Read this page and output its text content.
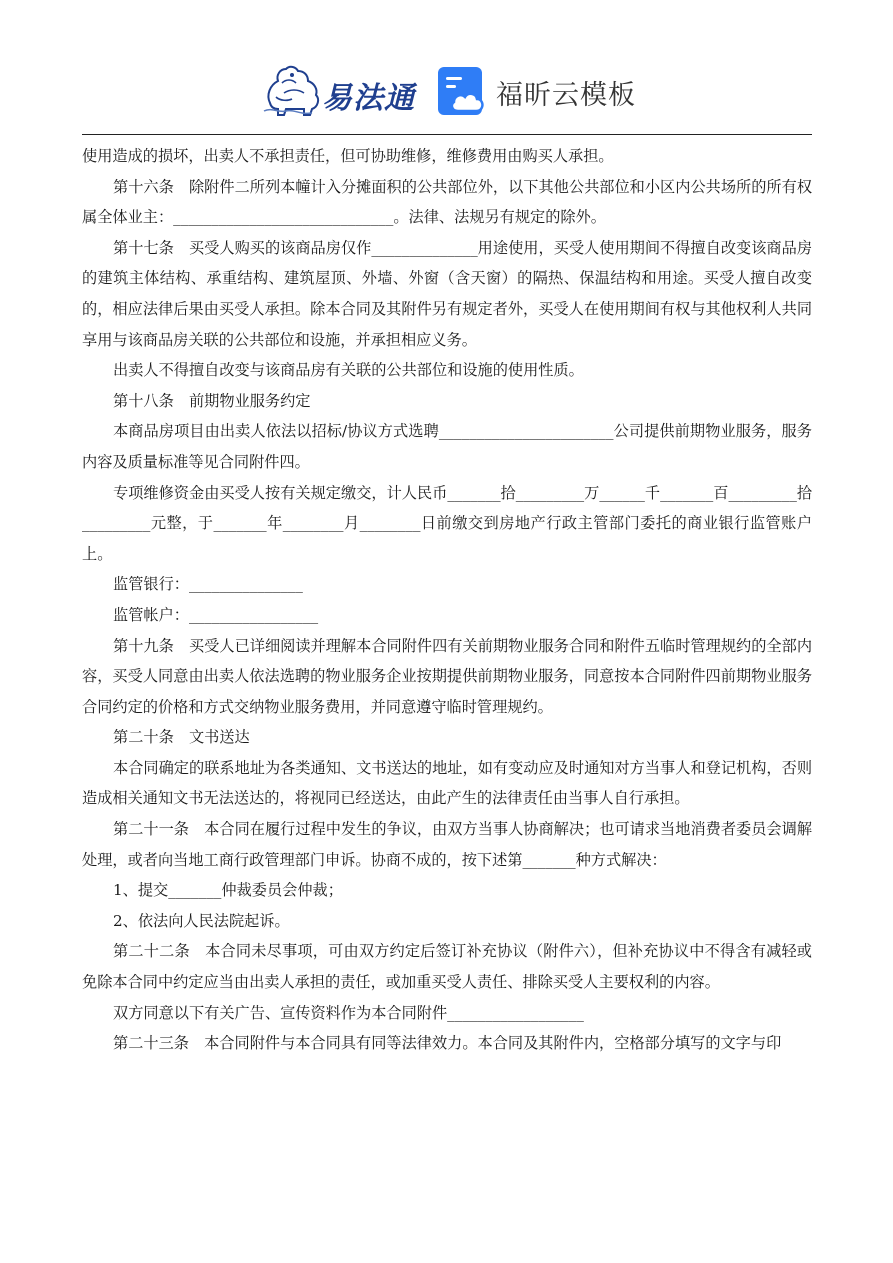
易法通	福昕云模板

使用造成的损坏，出卖人不承担责任，但可协助维修，维修费用由购买人承担。

第十六条　除附件二所列本幢计入分摊面积的公共部位外，以下其他公共部位和小区内公共场所的所有权属全体业主：_____________________________。法律、法规另有规定的除外。

第十七条　买受人购买的该商品房仅作______________用途使用，买受人使用期间不得擅自改变该商品房的建筑主体结构、承重结构、建筑屋顶、外墙、外窗（含天窗）的隔热、保温结构和用途。买受人擅自改变的，相应法律后果由买受人承担。除本合同及其附件另有规定者外，买受人在使用期间有权与其他权利人共同享用与该商品房关联的公共部位和设施，并承担相应义务。

出卖人不得擅自改变与该商品房有关联的公共部位和设施的使用性质。

第十八条　前期物业服务约定

本商品房项目由出卖人依法以招标/协议方式选聘_______________________公司提供前期物业服务，服务内容及质量标准等见合同附件四。

专项维修资金由买受人按有关规定缴交，计人民币_______拾_________万______千_______百_________拾_________元整，于_______年________月________日前缴交到房地产行政主管部门委托的商业银行监管账户上。

监管银行：_______________

监管帐户：_________________

第十九条　买受人已详细阅读并理解本合同附件四有关前期物业服务合同和附件五临时管理规约的全部内容，买受人同意由出卖人依法选聘的物业服务企业按期提供前期物业服务，同意按本合同附件四前期物业服务合同约定的价格和方式交纳物业服务费用，并同意遵守临时管理规约。

第二十条　文书送达

本合同确定的联系地址为各类通知、文书送达的地址，如有变动应及时通知对方当事人和登记机构，否则造成相关通知文书无法送达的，将视同已经送达，由此产生的法律责任由当事人自行承担。

第二十一条　本合同在履行过程中发生的争议，由双方当事人协商解决；也可请求当地消费者委员会调解处理，或者向当地工商行政管理部门申诉。协商不成的，按下述第_______种方式解决：

1、提交_______仲裁委员会仲裁；

2、依法向人民法院起诉。

第二十二条　本合同未尽事项，可由双方约定后签订补充协议（附件六），但补充协议中不得含有减轻或免除本合同中约定应当由出卖人承担的责任，或加重买受人责任、排除买受人主要权利的内容。

双方同意以下有关广告、宣传资料作为本合同附件__________________

第二十三条　本合同附件与本合同具有同等法律效力。本合同及其附件内，空格部分填写的文字与印
